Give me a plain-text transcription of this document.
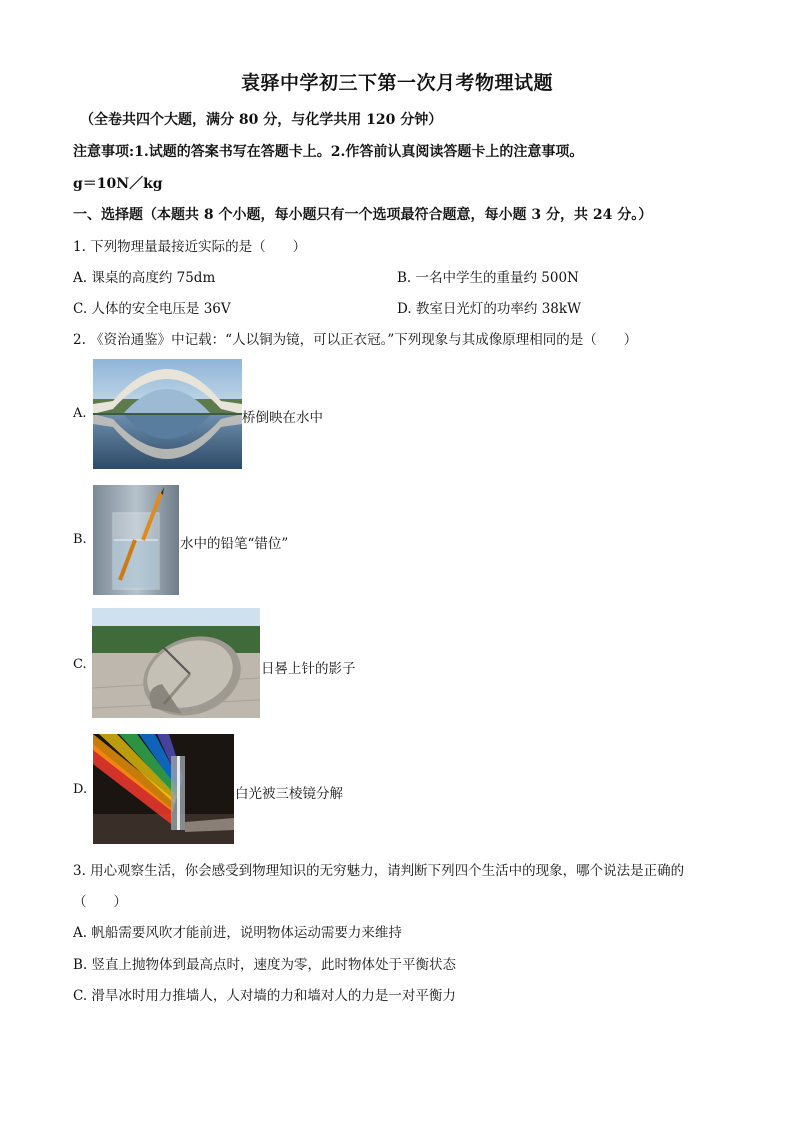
袁驿中学初三下第一次月考物理试题
（全卷共四个大题，满分 80 分，与化学共用 120 分钟）
注意事项:1.试题的答案书写在答题卡上。2.作答前认真阅读答题卡上的注意事项。
g＝10N／kg
一、选择题（本题共 8 个小题，每小题只有一个选项最符合题意，每小题 3 分，共 24 分。）
1. 下列物理量最接近实际的是（　　）
A. 课桌的高度约 75dm	B. 一名中学生的重量约 500N
C. 人体的安全电压是 36V	D. 教室日光灯的功率约 38kW
2. 《资治通鉴》中记载：“人以铜为镜，可以正衣冠。”下列现象与其成像原理相同的是（　　）
A.	桥倒映在水中
B.	水中的铅笔“错位”
C.	日晷上针的影子
D.	白光被三棱镜分解
3. 用心观察生活，你会感受到物理知识的无穷魅力，请判断下列四个生活中的现象，哪个说法是正确的
（　　）
A. 帆船需要风吹才能前进，说明物体运动需要力来维持
B. 竖直上抛物体到最高点时，速度为零，此时物体处于平衡状态
C. 滑旱冰时用力推墙人，人对墙的力和墙对人的力是一对平衡力
